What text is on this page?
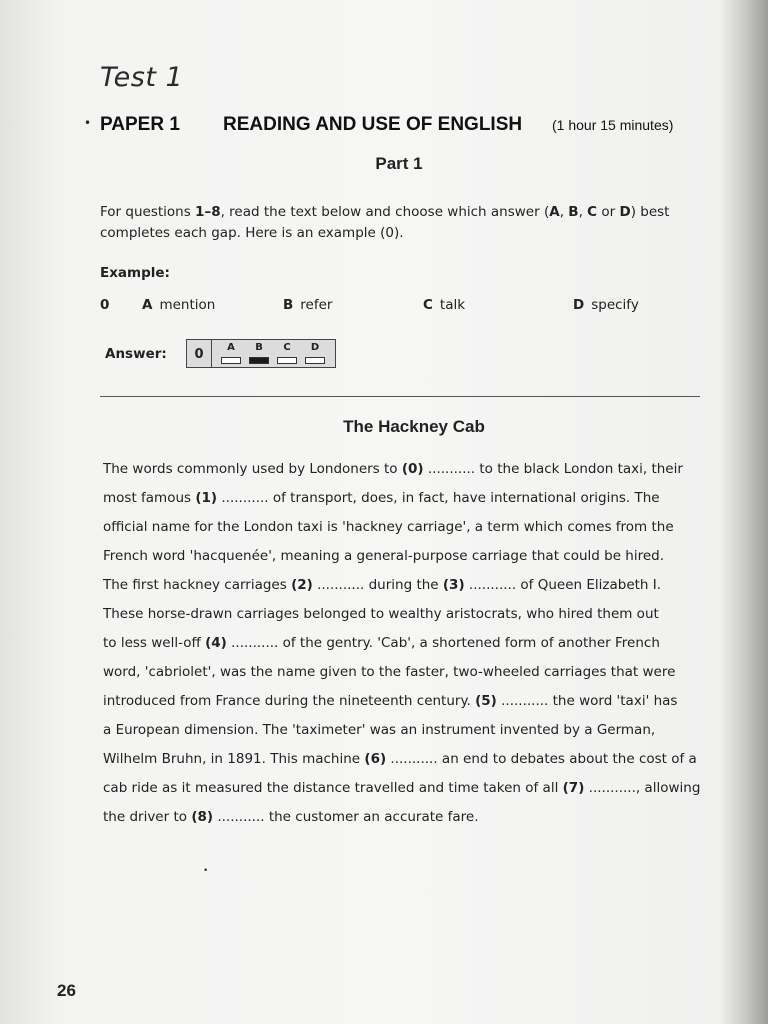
Test 1
• PAPER 1 READING AND USE OF ENGLISH (1 hour 15 minutes)
Part 1
For questions 1–8, read the text below and choose which answer (A, B, C or D) best
completes each gap. Here is an example (0).
Example:
0	A mention	B refer	C talk	D specify
Answer:	0	A	B	C	D
The Hackney Cab
The words commonly used by Londoners to (0) ........... to the black London taxi, their
most famous (1) ........... of transport, does, in fact, have international origins. The
official name for the London taxi is 'hackney carriage', a term which comes from the
French word 'hacquenée', meaning a general-purpose carriage that could be hired.
The first hackney carriages (2) ........... during the (3) ........... of Queen Elizabeth I.
These horse-drawn carriages belonged to wealthy aristocrats, who hired them out
to less well-off (4) ........... of the gentry. 'Cab', a shortened form of another French
word, 'cabriolet', was the name given to the faster, two-wheeled carriages that were
introduced from France during the nineteenth century. (5) ........... the word 'taxi' has
a European dimension. The 'taximeter' was an instrument invented by a German,
Wilhelm Bruhn, in 1891. This machine (6) ........... an end to debates about the cost of a
cab ride as it measured the distance travelled and time taken of all (7) ..........., allowing
the driver to (8) ........... the customer an accurate fare.
•
26
